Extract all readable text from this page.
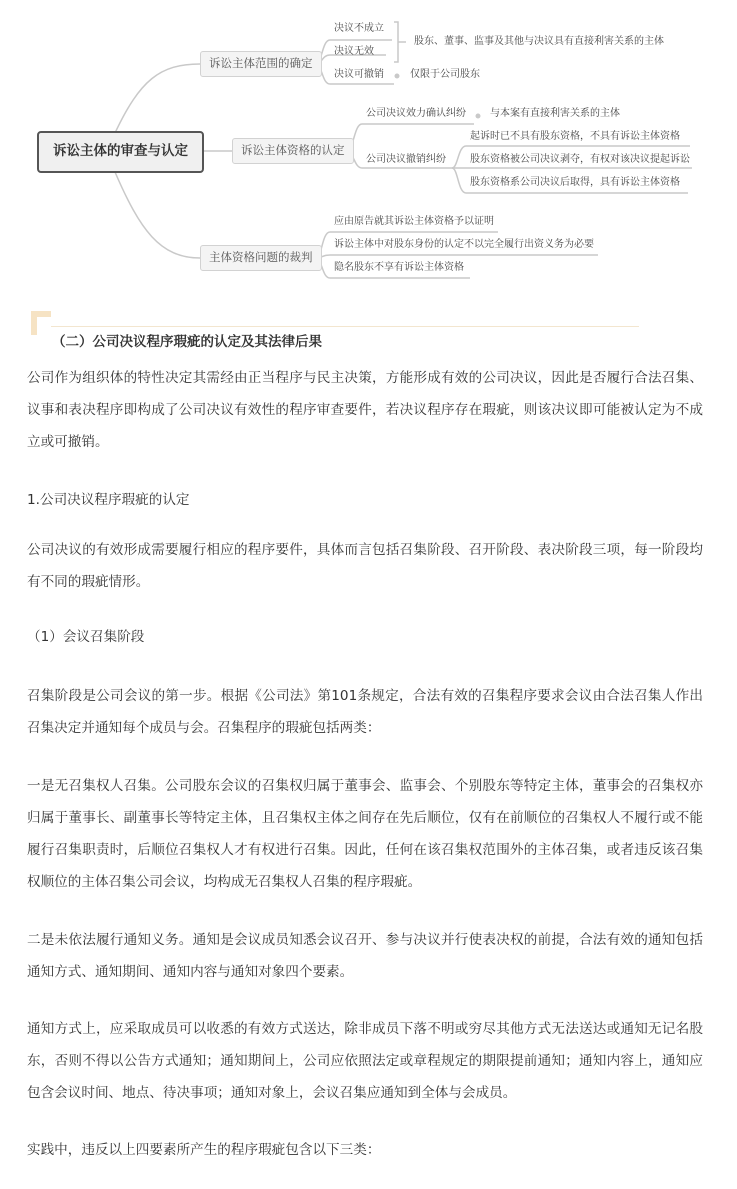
诉讼主体的审查与认定
诉讼主体范围的确定
决议不成立
决议无效
决议可撤销
股东、董事、监事及其他与决议具有直接利害关系的主体
仅限于公司股东
诉讼主体资格的认定
公司决议效力确认纠纷	与本案有直接利害关系的主体
公司决议撤销纠纷
起诉时已不具有股东资格，不具有诉讼主体资格
股东资格被公司决议剥夺，有权对该决议提起诉讼
股东资格系公司决议后取得，具有诉讼主体资格
主体资格问题的裁判
应由原告就其诉讼主体资格予以证明
诉讼主体中对股东身份的认定不以完全履行出资义务为必要
隐名股东不享有诉讼主体资格
（二）公司决议程序瑕疵的认定及其法律后果
公司作为组织体的特性决定其需经由正当程序与民主决策，方能形成有效的公司决议，因此是否履行合法召集、议事和表决程序即构成了公司决议有效性的程序审查要件，若决议程序存在瑕疵，则该决议即可能被认定为不成立或可撤销。
1.公司决议程序瑕疵的认定
公司决议的有效形成需要履行相应的程序要件，具体而言包括召集阶段、召开阶段、表决阶段三项，每一阶段均有不同的瑕疵情形。
（1）会议召集阶段
召集阶段是公司会议的第一步。根据《公司法》第101条规定，合法有效的召集程序要求会议由合法召集人作出召集决定并通知每个成员与会。召集程序的瑕疵包括两类：
一是无召集权人召集。公司股东会议的召集权归属于董事会、监事会、个别股东等特定主体，董事会的召集权亦归属于董事长、副董事长等特定主体，且召集权主体之间存在先后顺位，仅有在前顺位的召集权人不履行或不能履行召集职责时，后顺位召集权人才有权进行召集。因此，任何在该召集权范围外的主体召集，或者违反该召集权顺位的主体召集公司会议，均构成无召集权人召集的程序瑕疵。
二是未依法履行通知义务。通知是会议成员知悉会议召开、参与决议并行使表决权的前提，合法有效的通知包括通知方式、通知期间、通知内容与通知对象四个要素。
通知方式上，应采取成员可以收悉的有效方式送达，除非成员下落不明或穷尽其他方式无法送达或通知无记名股东，否则不得以公告方式通知；通知期间上，公司应依照法定或章程规定的期限提前通知；通知内容上，通知应包含会议时间、地点、待决事项；通知对象上，会议召集应通知到全体与会成员。
实践中，违反以上四要素所产生的程序瑕疵包含以下三类：
